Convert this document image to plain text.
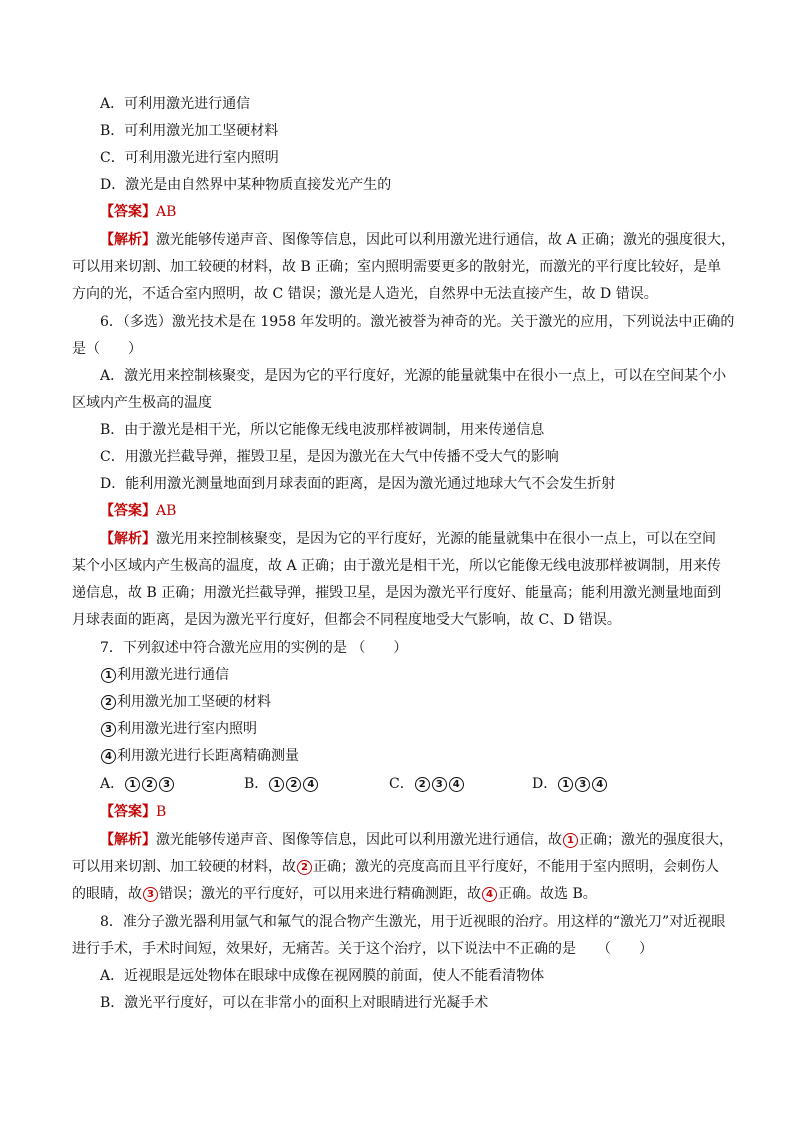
A．可利用激光进行通信
B．可利用激光加工坚硬材料
C．可利用激光进行室内照明
D．激光是由自然界中某种物质直接发光产生的
【答案】AB
【解析】激光能够传递声音、图像等信息，因此可以利用激光进行通信，故 A 正确；激光的强度很大，
可以用来切割、加工较硬的材料，故 B 正确；室内照明需要更多的散射光，而激光的平行度比较好，是单
方向的光，不适合室内照明，故 C 错误；激光是人造光，自然界中无法直接产生，故 D 错误。
6．（多选）激光技术是在 1958 年发明的。激光被誉为神奇的光。关于激光的应用，下列说法中正确的
是（　　）
A．激光用来控制核聚变，是因为它的平行度好，光源的能量就集中在很小一点上，可以在空间某个小
区域内产生极高的温度
B．由于激光是相干光，所以它能像无线电波那样被调制，用来传递信息
C．用激光拦截导弹，摧毁卫星，是因为激光在大气中传播不受大气的影响
D．能利用激光测量地面到月球表面的距离，是因为激光通过地球大气不会发生折射
【答案】AB
【解析】激光用来控制核聚变，是因为它的平行度好，光源的能量就集中在很小一点上，可以在空间
某个小区域内产生极高的温度，故 A 正确；由于激光是相干光，所以它能像无线电波那样被调制，用来传
递信息，故 B 正确；用激光拦截导弹，摧毁卫星，是因为激光平行度好、能量高；能利用激光测量地面到
月球表面的距离，是因为激光平行度好，但都会不同程度地受大气影响，故 C、D 错误。
7．下列叙述中符合激光应用的实例的是 （　　）
1 利用激光进行通信
2 利用激光加工坚硬的材料
3 利用激光进行室内照明
4 利用激光进行长距离精确测量
A． 1 2 3	B． 1 2 4	C． 2 3 4	D． 1 3 4
【答案】B
【解析】激光能够传递声音、图像等信息，因此可以利用激光进行通信，故 1 正确；激光的强度很大，
可以用来切割、加工较硬的材料，故 2 正确；激光的亮度高而且平行度好，不能用于室内照明，会刺伤人
的眼睛，故 3 错误；激光的平行度好，可以用来进行精确测距，故 4 正确。故选 B。
8．准分子激光器利用氩气和氟气的混合物产生激光，用于近视眼的治疗。用这样的“激光刀”对近视眼
进行手术，手术时间短，效果好，无痛苦。关于这个治疗，以下说法中不正确的是　　（　　）
A．近视眼是远处物体在眼球中成像在视网膜的前面，使人不能看清物体
B．激光平行度好，可以在非常小的面积上对眼睛进行光凝手术
